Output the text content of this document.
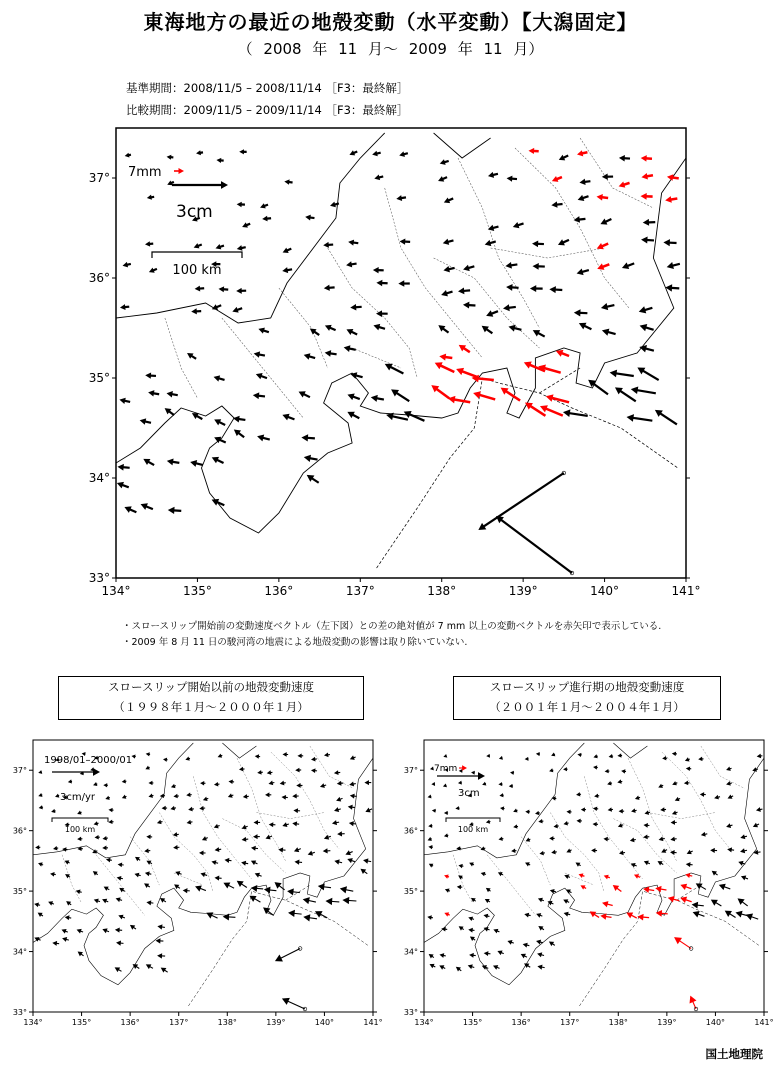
東海地方の最近の地殻変動（水平変動）【大潟固定】
（ 2008 年 11 月～ 2009 年 11 月）
基準期間：2008/11/5 – 2008/11/14 ［F3：最終解］
比較期間：2009/11/5 – 2009/11/14 ［F3：最終解］
134°	135°	136°	137°	138°	139°	140°	141°
33°
34°
35°
36°
37° 7mm
3cm
100 km
134°	135°	136°	137°	138°	139°	140°	141°
33°
34°
35°
36°
37°
1998/01–2000/01
3cm/yr
100 km
134°	135°	136°	137°	138°	139°	140°	141°
33°
34°
35°
36°
37° 7mm
3cm
100 km
・スロースリップ開始前の変動速度ベクトル（左下図）との差の絶対値が 7 mm 以上の変動ベクトルを赤矢印で表示している.
・2009 年 8 月 11 日の駿河湾の地震による地殻変動の影響は取り除いていない.
スロースリップ開始以前の地殻変動速度
（１９９８年１月～２０００年１月）
スロースリップ進行期の地殻変動速度
（２００１年１月～２００４年１月）
国土地理院
